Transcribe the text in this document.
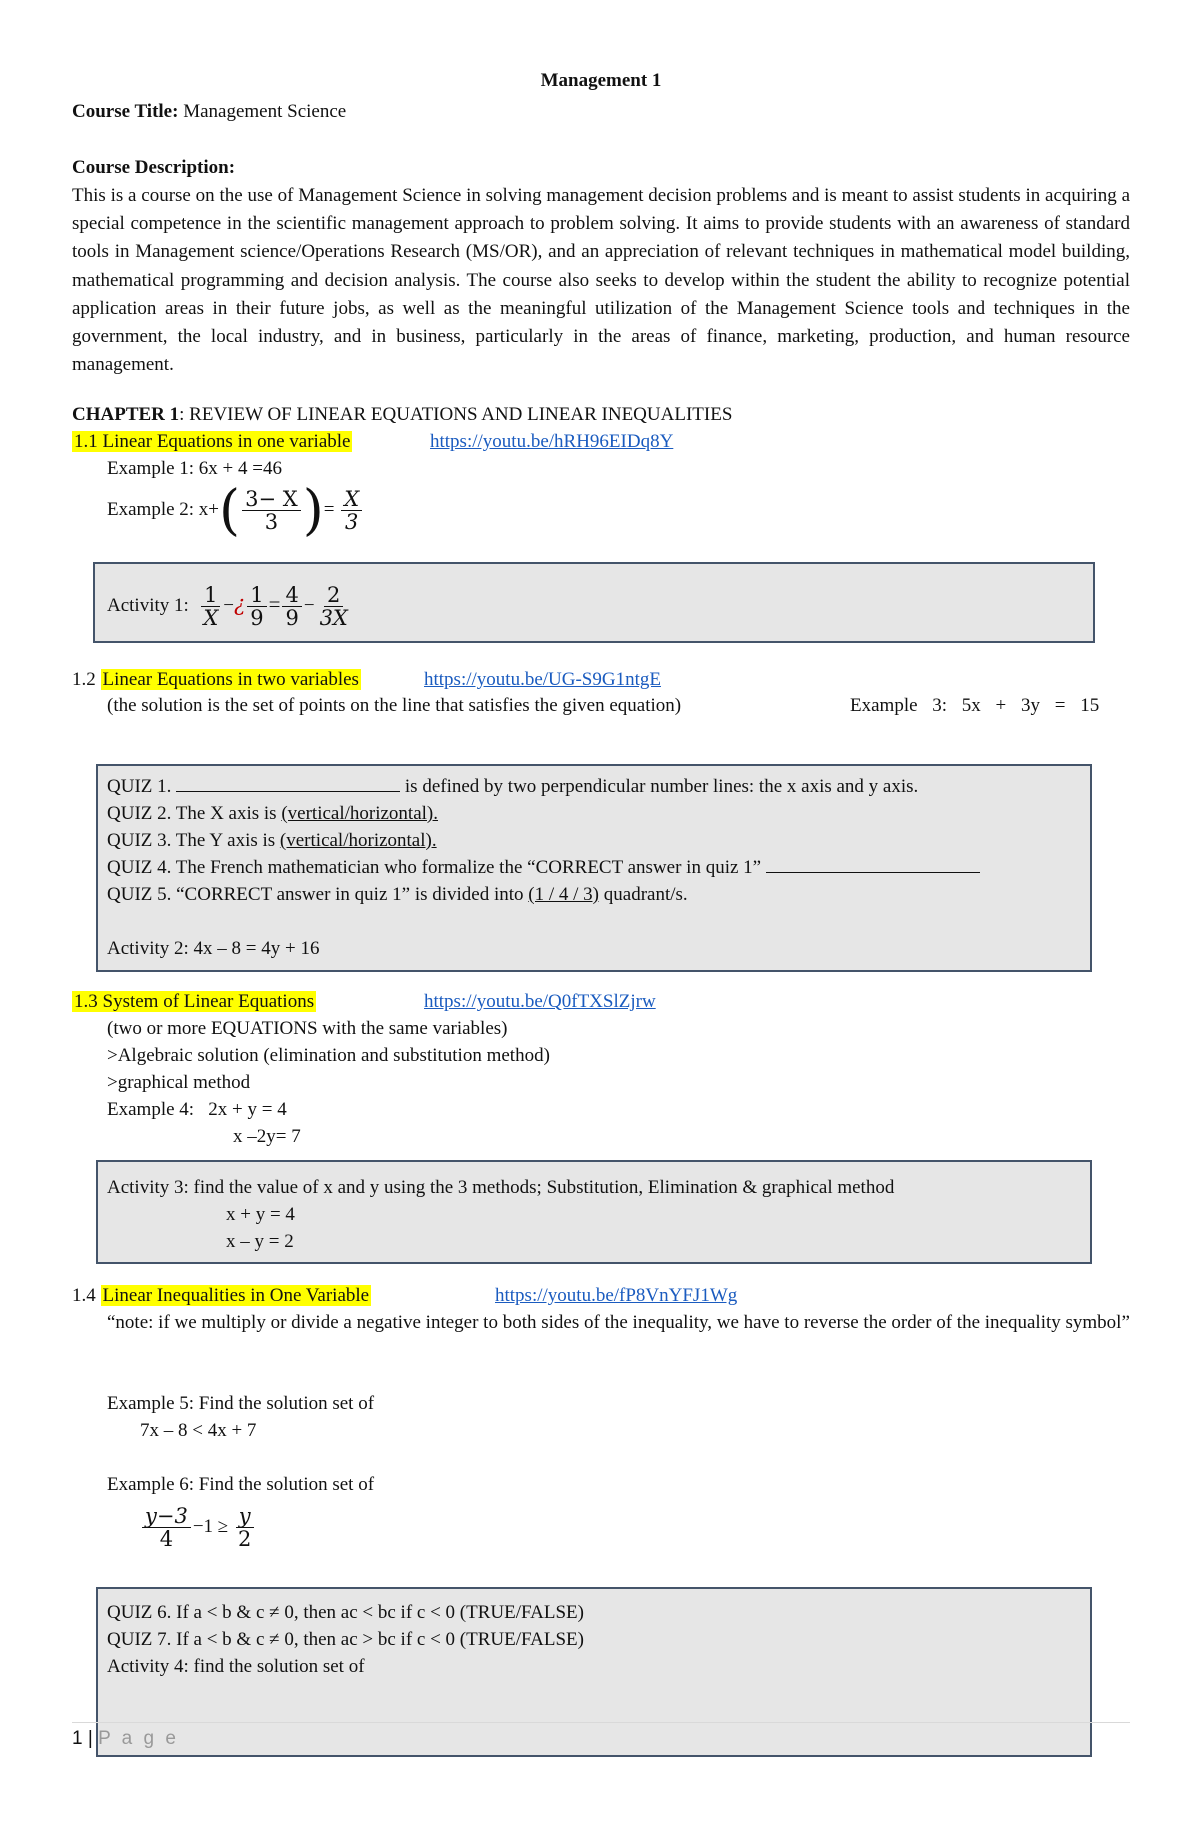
Management 1
Course Title: Management Science
Course Description:
This is a course on the use of Management Science in solving management decision problems and is meant to assist students in acquiring a special competence in the scientific management approach to problem solving. It aims to provide students with an awareness of standard tools in Management science/Operations Research (MS/OR), and an appreciation of relevant techniques in mathematical model building, mathematical programming and decision analysis. The course also seeks to develop within the student the ability to recognize potential application areas in their future jobs, as well as the meaningful utilization of the Management Science tools and techniques in the government, the local industry, and in business, particularly in the areas of finance, marketing, production, and human resource management.
CHAPTER 1: REVIEW OF LINEAR EQUATIONS AND LINEAR INEQUALITIES
1.1 Linear Equations in one variable	https://youtu.be/hRH96EIDq8Y
Example 1: 6x + 4 =46
Example 2: $x+( \frac{3- X}{3}$ )= $\frac{X}{3}$
Activity 1: $\frac{1}{X}$ −¿ $\frac{1}{9} = \frac{4}{9} - \frac{2}{3X}$
1.2 Linear Equations in two variables	https://youtu.be/UG-S9G1ntgE
(the solution is the set of points on the line that satisfies the given equation)	Example 3: 5x + 3y = 15
QUIZ 1.	is defined by two perpendicular number lines: the x axis and y axis.
QUIZ 2. The X axis is (vertical/horizontal).
QUIZ 3. The Y axis is (vertical/horizontal).
QUIZ 4. The French mathematician who formalize the “CORRECT answer in quiz 1”
QUIZ 5. “CORRECT answer in quiz 1” is divided into (1 / 4 / 3) quadrant/s.
Activity 2: 4x – 8 = 4y + 16
1.3 System of Linear Equations	https://youtu.be/Q0fTXSlZjrw
(two or more EQUATIONS with the same variables)
>Algebraic solution (elimination and substitution method)
>graphical method
Example 4:   2x + y = 4
x –2y= 7
Activity 3: find the value of x and y using the 3 methods; Substitution, Elimination & graphical method
x + y = 4
x – y = 2
1.4 Linear Inequalities in One Variable	https://youtu.be/fP8VnYFJ1Wg
“note: if we multiply or divide a negative integer to both sides of the inequality, we have to reverse the order of the inequality symbol”
Example 5: Find the solution set of
7x – 8 < 4x + 7
Example 6: Find the solution set of
$\frac{y-3}{4} -1 \ge \frac{y}{2}$
QUIZ 6. If a < b & c ≠ 0, then ac < bc if c < 0 (TRUE/FALSE)
QUIZ 7. If a < b & c ≠ 0, then ac > bc if c < 0 (TRUE/FALSE)
Activity 4: find the solution set of
1 | P a g e
